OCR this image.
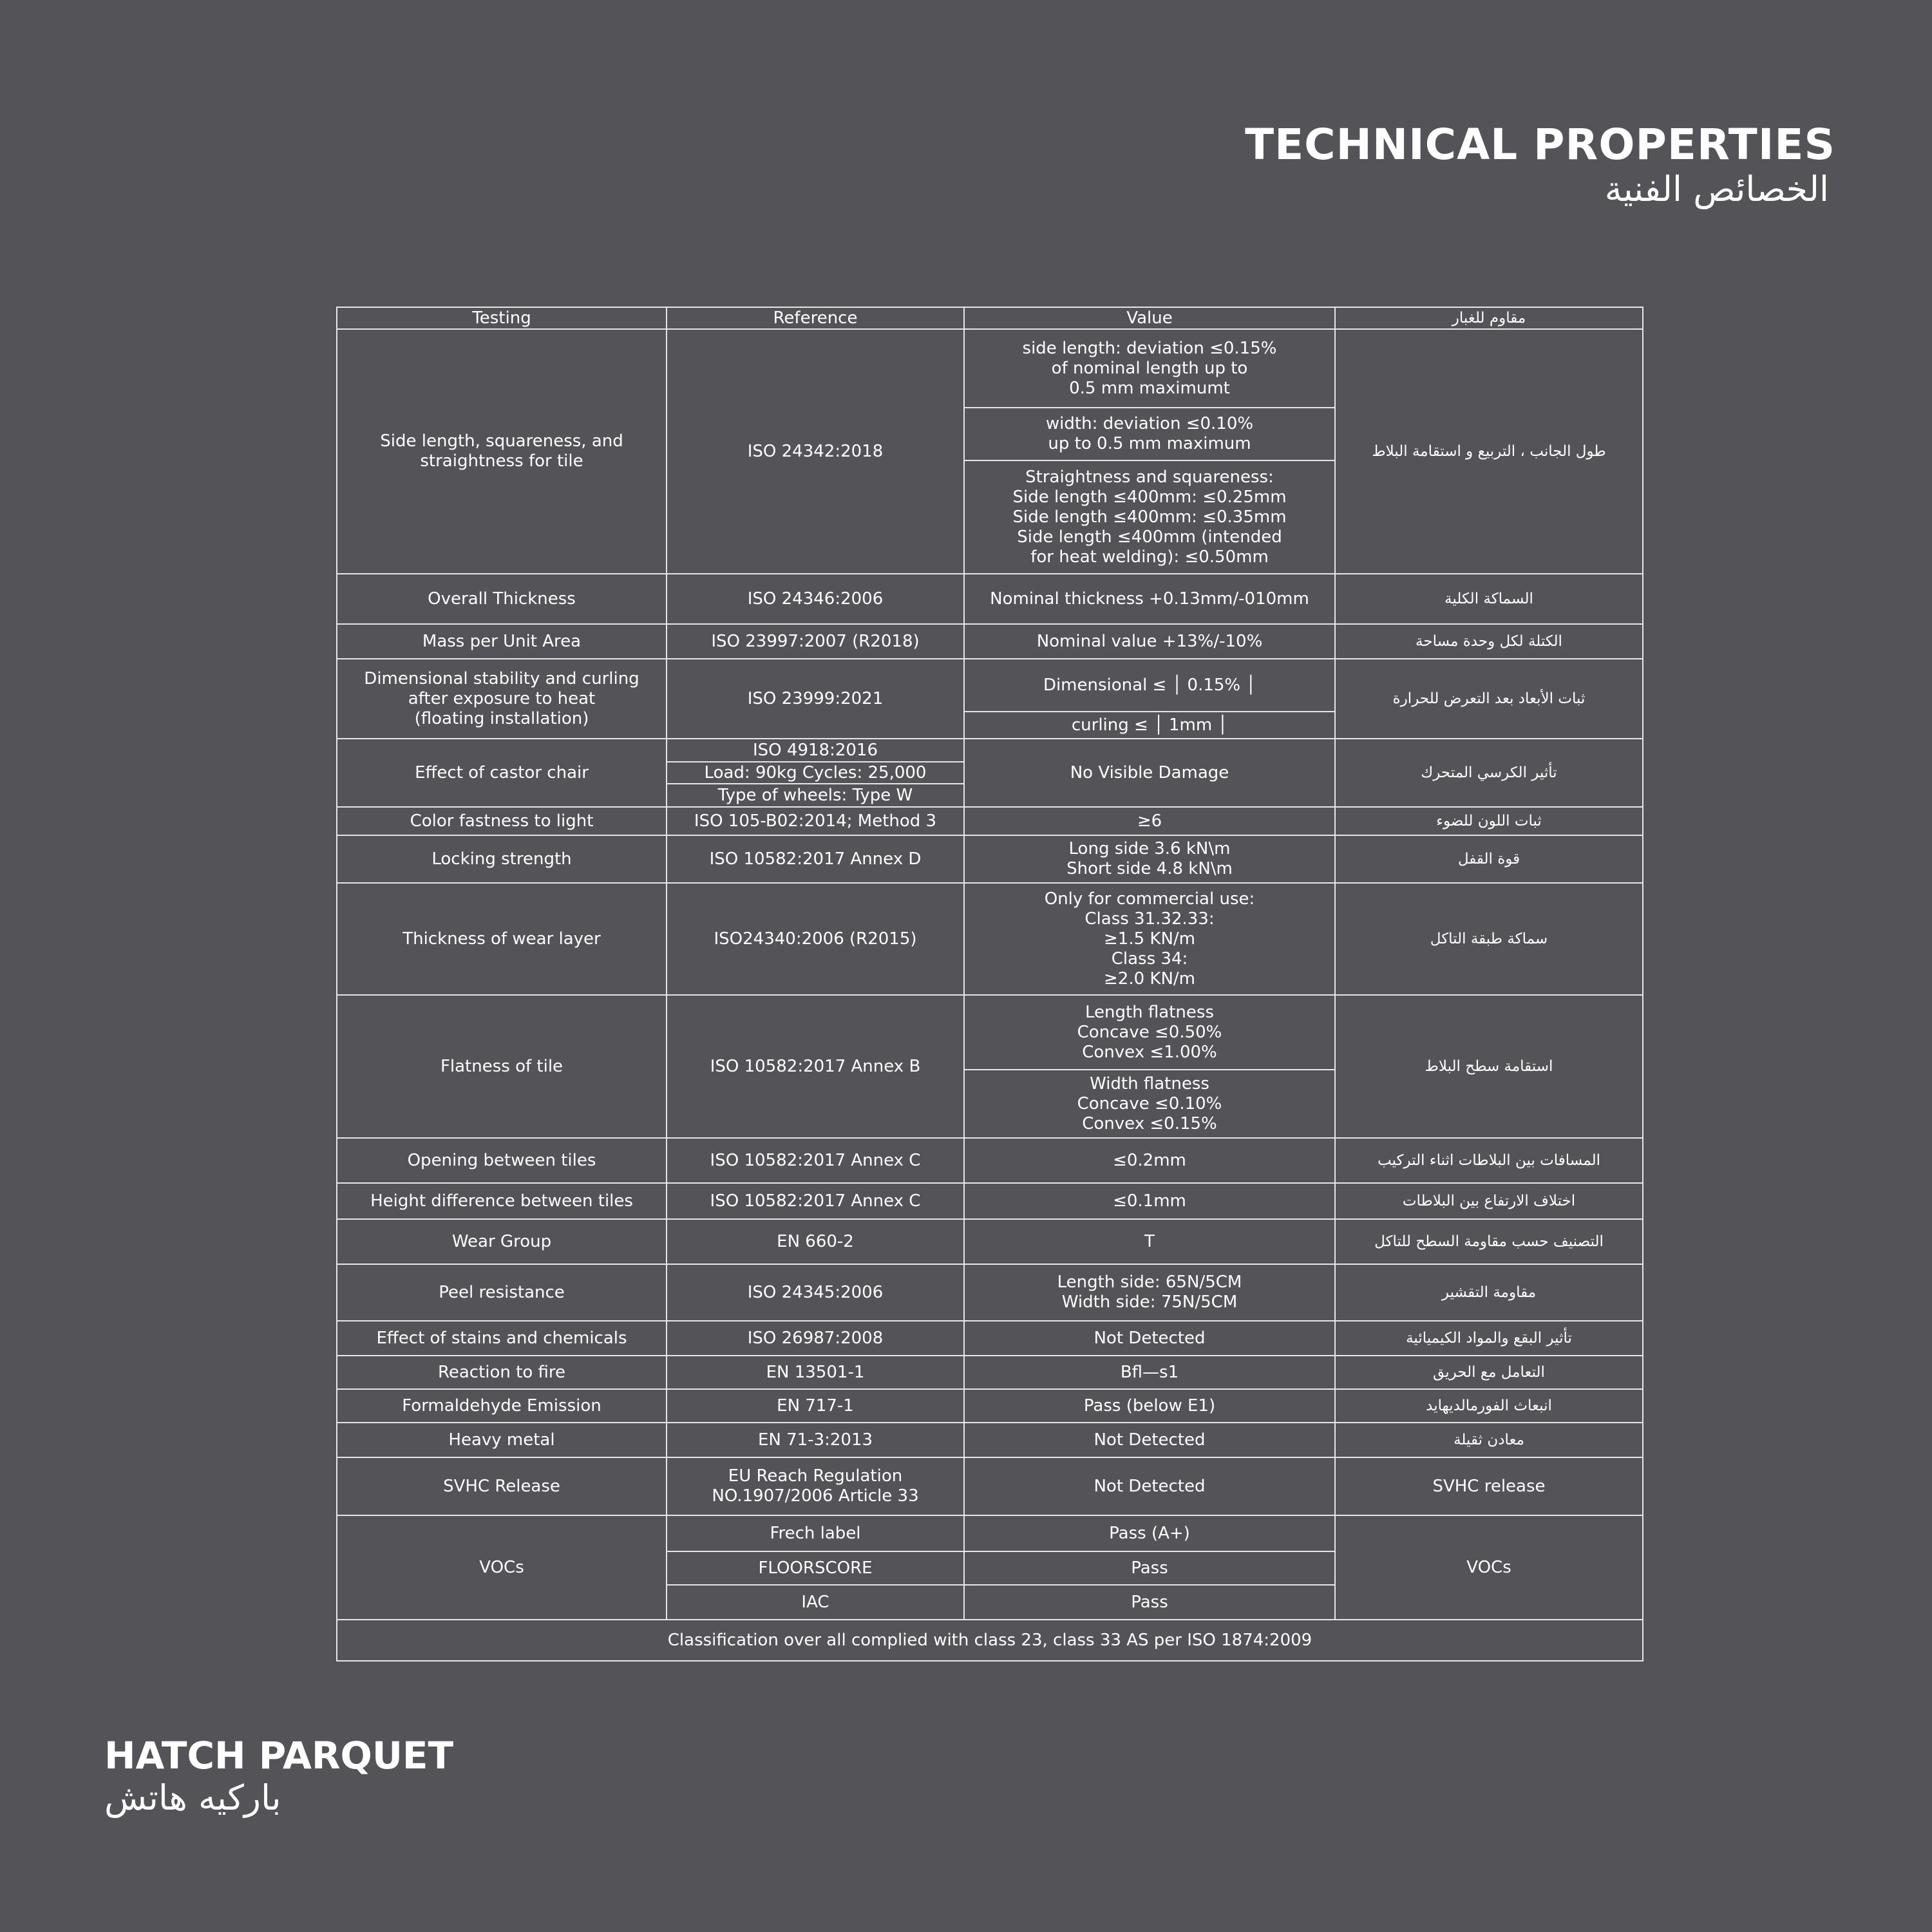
TECHNICAL PROPERTIES
الخصائص الفنية
Testing	Reference	Value	مقاوم للغبار
Side length, squareness, and
straightness for tile	ISO 24342:2018	side length: deviation ≤0.15%
of nominal length up to
0.5 mm maximumt	طول الجانب ، التربيع و استقامة البلاط
		width: deviation ≤0.10%
up to 0.5 mm maximum	
		Straightness and squareness:
Side length ≤400mm: ≤0.25mm
Side length ≤400mm: ≤0.35mm
Side length ≤400mm (intended
for heat welding): ≤0.50mm	
Overall Thickness	ISO 24346:2006	Nominal thickness +0.13mm/-010mm	السماكة الكلية
Mass per Unit Area	ISO 23997:2007 (R2018)	Nominal value +13%/-10%	الكتلة لكل وحدة مساحة
Dimensional stability and curling
after exposure to heat
(floating installation)	ISO 23999:2021	Dimensional ≤ │ 0.15% │	ثبات الأبعاد بعد التعرض للحرارة
		curling ≤ │ 1mm │	
Effect of castor chair	ISO 4918:2016	No Visible Damage	تأثير الكرسي المتحرك
	Load: 90kg Cycles: 25,000		
	Type of wheels: Type W		
Color fastness to light	ISO 105-B02:2014; Method 3	≥6	ثبات اللون للضوء
Locking strength	ISO 10582:2017 Annex D	Long side 3.6 kN\m
Short side 4.8 kN\m	قوة القفل
Thickness of wear layer	ISO24340:2006 (R2015)	Only for commercial use:
Class 31.32.33:
≥1.5 KN/m
Class 34:
≥2.0 KN/m	سماكة طبقة التاكل
Flatness of tile	ISO 10582:2017 Annex B	Length flatness
Concave ≤0.50%
Convex ≤1.00%	استقامة سطح البلاط
		Width flatness
Concave ≤0.10%
Convex ≤0.15%	
Opening between tiles	ISO 10582:2017 Annex C	≤0.2mm	المسافات بين البلاطات اثناء التركيب
Height difference between tiles	ISO 10582:2017 Annex C	≤0.1mm	اختلاف الارتفاع بين البلاطات
Wear Group	EN 660-2	T	التصنيف حسب مقاومة السطح للتاكل
Peel resistance	ISO 24345:2006	Length side: 65N/5CM
Width side: 75N/5CM	مقاومة التقشير
Effect of stains and chemicals	ISO 26987:2008	Not Detected	تأثير البقع والمواد الكيميائية
Reaction to fire	EN 13501-1	Bfl—s1	التعامل مع الحريق
Formaldehyde Emission	EN 717-1	Pass (below E1)	انبعاث الفورمالديهايد
Heavy metal	EN 71-3:2013	Not Detected	معادن ثقيلة
SVHC Release	EU Reach Regulation
NO.1907/2006 Article 33	Not Detected	SVHC release
VOCs	Frech label	Pass (A+)	VOCs
	FLOORSCORE	Pass	
	IAC	Pass	
Classification over all complied with class 23, class 33 AS per ISO 1874:2009			
HATCH PARQUET
باركيه هاتش
